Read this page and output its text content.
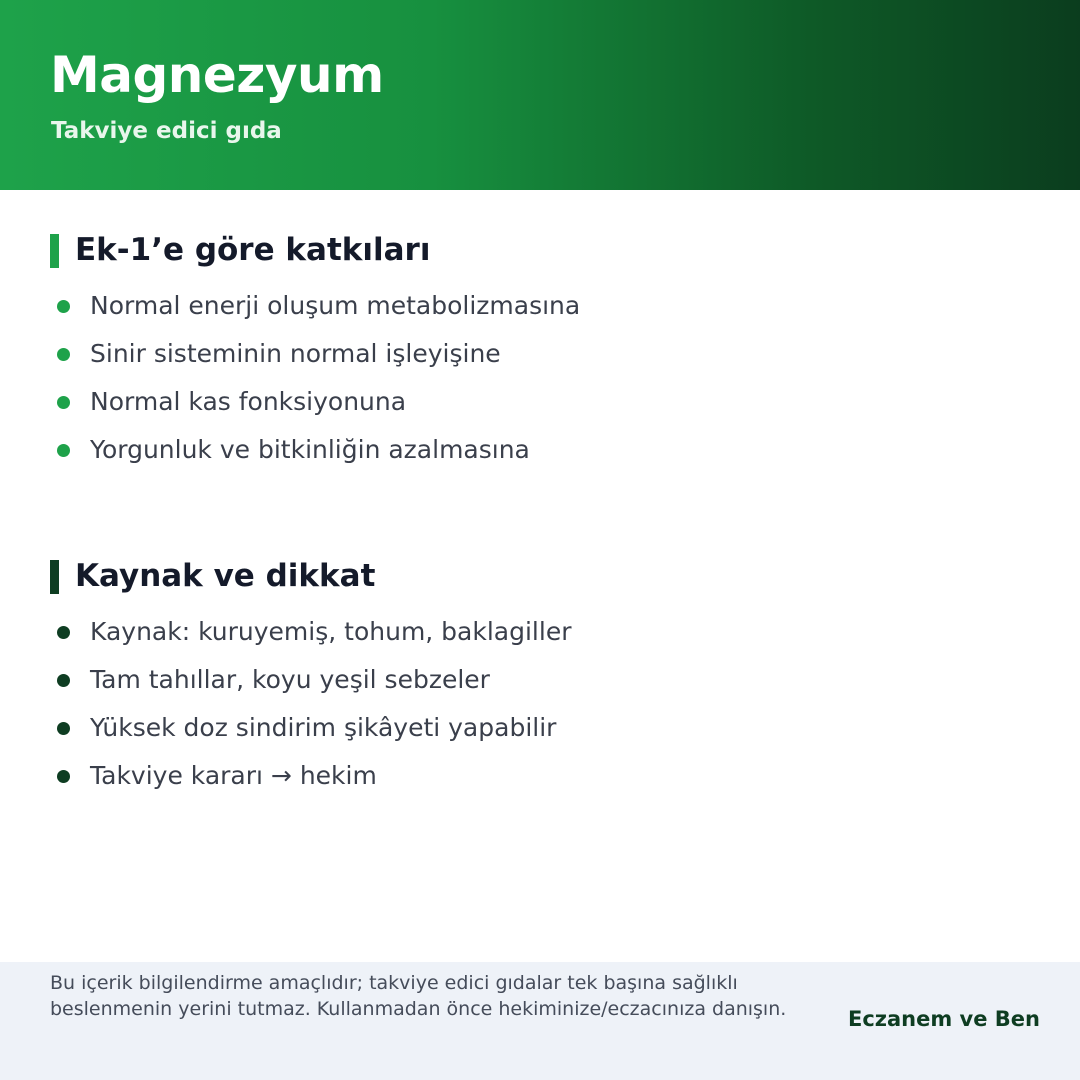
Magnezyum

Takviye edici gıda

Ek-1’e göre katkıları
Normal enerji oluşum metabolizmasına
Sinir sisteminin normal işleyişine
Normal kas fonksiyonuna
Yorgunluk ve bitkinliğin azalmasına
Kaynak ve dikkat
Kaynak: kuruyemiş, tohum, baklagiller
Tam tahıllar, koyu yeşil sebzeler
Yüksek doz sindirim şikâyeti yapabilir
Takviye kararı → hekim

Bu içerik bilgilendirme amaçlıdır; takviye edici gıdalar tek başına sağlıklı beslenmenin yerini tutmaz. Kullanmadan önce hekiminize/eczacınıza danışın.	Eczanem ve Ben
